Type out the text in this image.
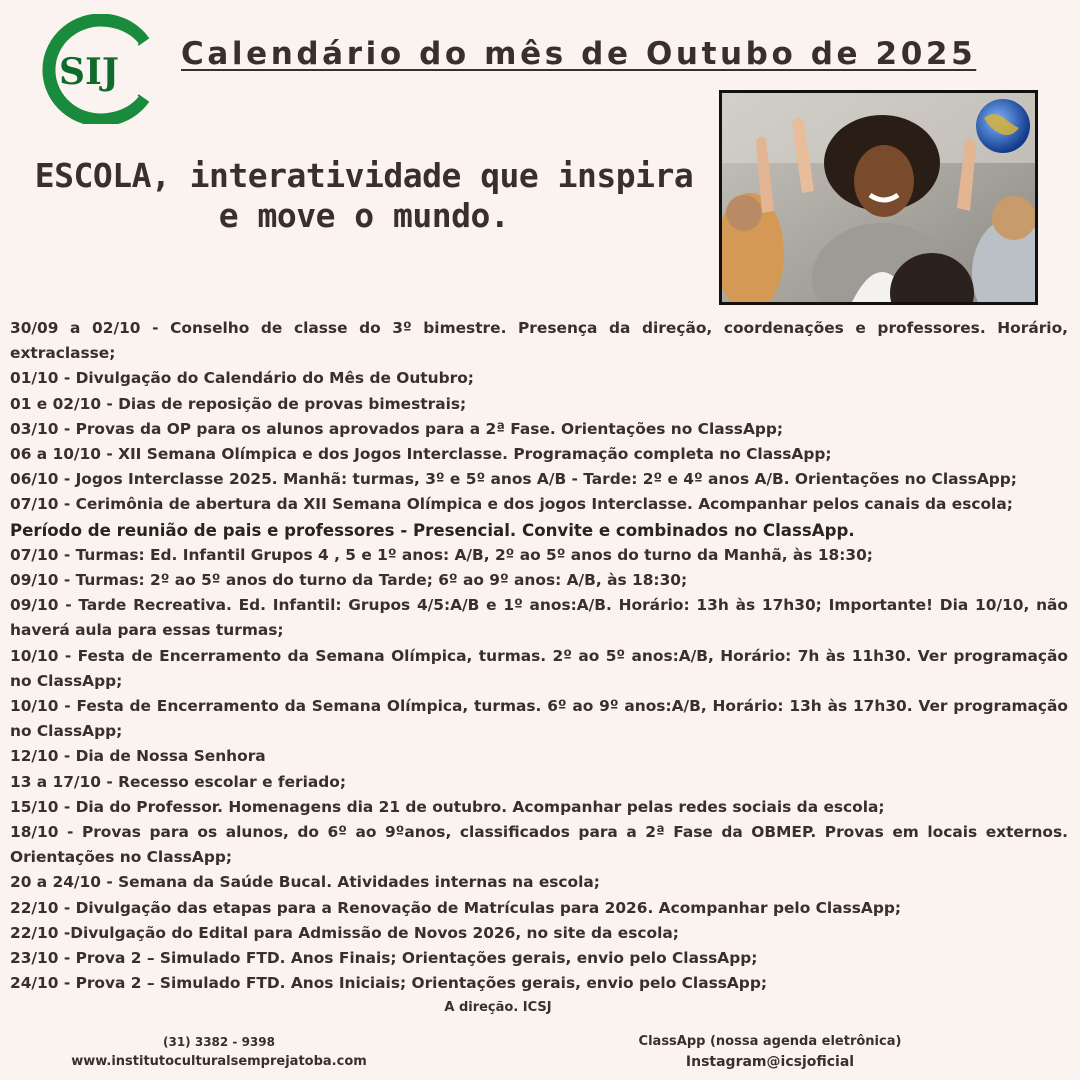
SIJ Calendário do mês de Outubo de 2025
ESCOLA, interatividade que inspira e move o mundo.
30/09 a 02/10 - Conselho de classe do 3º bimestre. Presença da direção, coordenações e professores. Horário, extraclasse;
01/10 - Divulgação do Calendário do Mês de Outubro;
01 e 02/10 - Dias de reposição de provas bimestrais;
03/10 - Provas da OP para os alunos aprovados para a 2ª Fase. Orientações no ClassApp;
06 a 10/10 - XII Semana Olímpica e dos Jogos Interclasse. Programação completa no ClassApp;
06/10 - Jogos Interclasse 2025. Manhã: turmas, 3º e 5º anos A/B - Tarde: 2º e 4º anos A/B. Orientações no ClassApp;
07/10 - Cerimônia de abertura da XII Semana Olímpica e dos jogos Interclasse. Acompanhar pelos canais da escola;
Período de reunião de pais e professores - Presencial. Convite e combinados no ClassApp.
07/10 - Turmas: Ed. Infantil Grupos 4 , 5 e 1º anos: A/B, 2º ao 5º anos do turno da Manhã, às 18:30;
09/10 - Turmas: 2º ao 5º anos do turno da Tarde; 6º ao 9º anos: A/B, às 18:30;
09/10 - Tarde Recreativa. Ed. Infantil: Grupos 4/5:A/B e 1º anos:A/B. Horário: 13h às 17h30; Importante! Dia 10/10, não haverá aula para essas turmas;
10/10 - Festa de Encerramento da Semana Olímpica, turmas. 2º ao 5º anos:A/B, Horário: 7h às 11h30. Ver programação no ClassApp;
10/10 - Festa de Encerramento da Semana Olímpica, turmas. 6º ao 9º anos:A/B, Horário: 13h às 17h30. Ver programação no ClassApp;
12/10 - Dia de Nossa Senhora
13 a 17/10 - Recesso escolar e feriado;
15/10 - Dia do Professor. Homenagens dia 21 de outubro. Acompanhar pelas redes sociais da escola;
18/10 - Provas para os alunos, do 6º ao 9ºanos, classificados para a 2ª Fase da OBMEP. Provas em locais externos. Orientações no ClassApp;
20 a 24/10 - Semana da Saúde Bucal. Atividades internas na escola;
22/10 - Divulgação das etapas para a Renovação de Matrículas para 2026. Acompanhar pelo ClassApp;
22/10 -Divulgação do Edital para Admissão de Novos 2026, no site da escola;
23/10 - Prova 2 – Simulado FTD. Anos Finais; Orientações gerais, envio pelo ClassApp;
24/10 - Prova 2 – Simulado FTD. Anos Iniciais; Orientações gerais, envio pelo ClassApp;
A direção. ICSJ
(31) 3382 - 9398
www.institutoculturalsemprejatoba.com
ClassApp (nossa agenda eletrônica)
Instagram@icsjoficial
